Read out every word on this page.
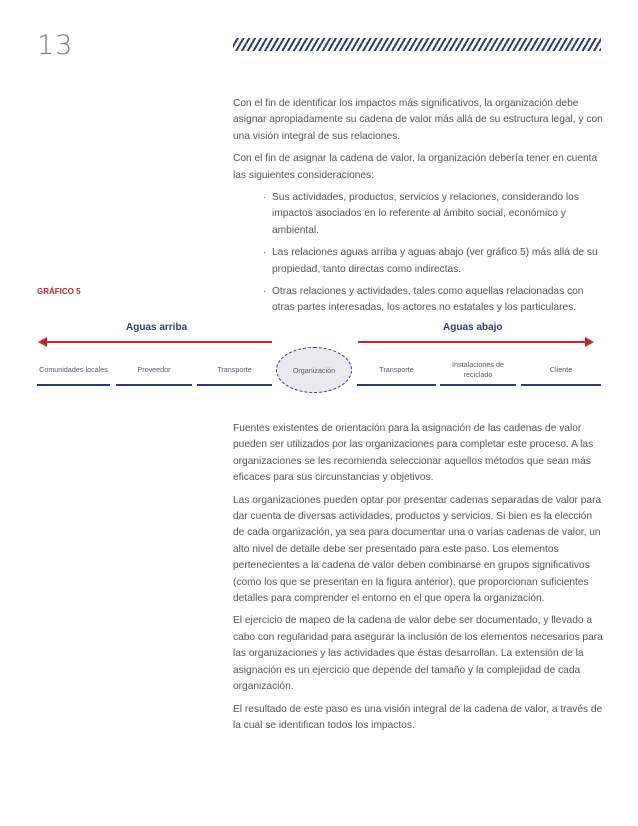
13

Con el fin de identificar los impactos más significativos, la organización debe asignar apropiadamente su cadena de valor más allá de su estructura legal, y con una visión integral de sus relaciones.

Con el fin de asignar la cadena de valor, la organización debería tener en cuenta las siguientes consideraciones:

· Sus actividades, productos, servicios y relaciones, considerando los impactos asociados en lo referente al ámbito social, económico y ambiental.
· Las relaciones aguas arriba y aguas abajo (ver gráfico 5) más allá de su propiedad, tanto directas como indirectas.
· Otras relaciones y actividades, tales como aquellas relacionadas con otras partes interesadas, los actores no estatales y los particulares.
GRÁFICO 5
Aguas arriba	Aguas abajo
Comunidades locales	Proveedor	Transporte	Organización	Transporte
Instalaciones de reciclado
Cliente

Fuentes existentes de orientación para la asignación de las cadenas de valor pueden ser utilizados por las organizaciones para completar este proceso. A las organizaciones se les recomienda seleccionar aquellos métodos que sean más eficaces para sus circunstancias y objetivos.

Las organizaciones pueden optar por presentar cadenas separadas de valor para dar cuenta de diversas actividades, productos y servicios. Si bien es la elección de cada organización, ya sea para documentar una o varias cadenas de valor, un alto nivel de detalle debe ser presentado para este paso. Los elementos pertenecientes a la cadena de valor deben combinarse en grupos significativos (como los que se presentan en la figura anterior), que proporcionan suficientes detalles para comprender el entorno en el que opera la organización.

El ejercicio de mapeo de la cadena de valor debe ser documentado, y llevado a cabo con regularidad para asegurar la inclusión de los elementos necesarios para las organizaciones y las actividades que éstas desarrollan. La extensión de la asignación es un ejercicio que depende del tamaño y la complejidad de cada organización.

El resultado de este paso es una visión integral de la cadena de valor, a través de la cual se identifican todos los impactos.
